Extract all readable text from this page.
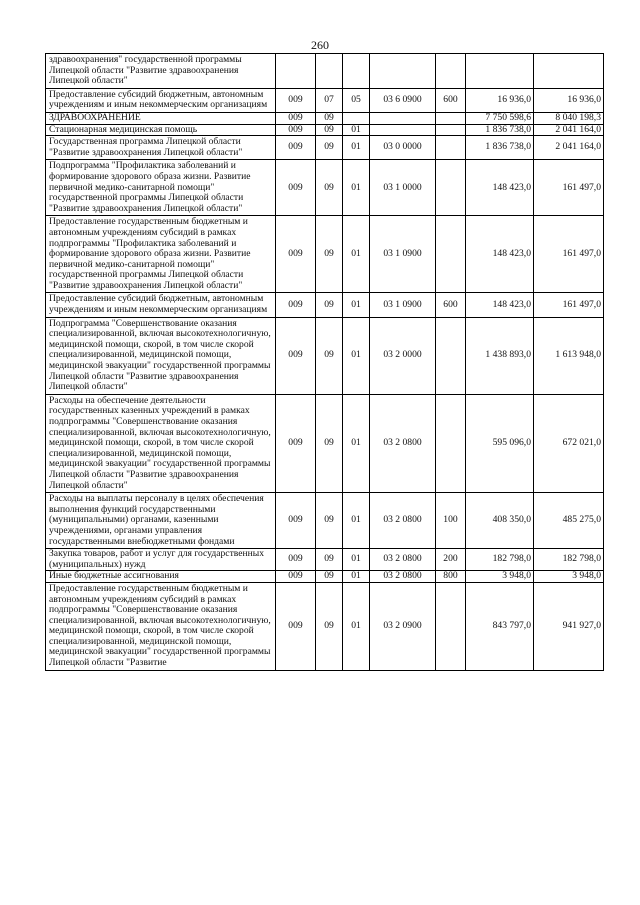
260
здравоохранения" государственной программы Липецкой области "Развитие здравоохранения Липецкой области"							
Предоставление субсидий бюджетным, автономным учреждениям и иным некоммерческим организациям	009	07	05	03 6 0900	600	16 936,0	16 936,0
ЗДРАВООХРАНЕНИЕ	009	09				7 750 598,6	8 040 198,3
Стационарная медицинская помощь	009	09	01			1 836 738,0	2 041 164,0
Государственная программа Липецкой области "Развитие здравоохранения Липецкой области"	009	09	01	03 0 0000		1 836 738,0	2 041 164,0
Подпрограмма "Профилактика заболеваний и формирование здорового образа жизни. Развитие первичной медико-санитарной помощи" государственной программы Липецкой области "Развитие здравоохранения Липецкой области"	009	09	01	03 1 0000		148 423,0	161 497,0
Предоставление государственным бюджетным и автономным учреждениям субсидий в рамках подпрограммы "Профилактика заболеваний и формирование здорового образа жизни. Развитие первичной медико-санитарной помощи" государственной программы Липецкой области "Развитие здравоохранения Липецкой области"	009	09	01	03 1 0900		148 423,0	161 497,0
Предоставление субсидий бюджетным, автономным учреждениям и иным некоммерческим организациям	009	09	01	03 1 0900	600	148 423,0	161 497,0
Подпрограмма "Совершенствование оказания специализированной, включая высокотехнологичную, медицинской помощи, скорой, в том числе скорой специализированной, медицинской помощи, медицинской эвакуации" государственной программы Липецкой области "Развитие здравоохранения Липецкой области"	009	09	01	03 2 0000		1 438 893,0	1 613 948,0
Расходы на обеспечение деятельности государственных казенных учреждений в рамках подпрограммы "Совершенствование оказания специализированной, включая высокотехнологичную, медицинской помощи, скорой, в том числе скорой специализированной, медицинской помощи, медицинской эвакуации" государственной программы Липецкой области "Развитие здравоохранения Липецкой области"	009	09	01	03 2 0800		595 096,0	672 021,0
Расходы на выплаты персоналу в целях обеспечения выполнения функций государственными (муниципальными) органами, казенными учреждениями, органами управления государственными внебюджетными фондами	009	09	01	03 2 0800	100	408 350,0	485 275,0
Закупка товаров, работ и услуг для государственных (муниципальных) нужд	009	09	01	03 2 0800	200	182 798,0	182 798,0
Иные бюджетные ассигнования	009	09	01	03 2 0800	800	3 948,0	3 948,0
Предоставление государственным бюджетным и автономным учреждениям субсидий в рамках подпрограммы "Совершенствование оказания специализированной, включая высокотехнологичную, медицинской помощи, скорой, в том числе скорой специализированной, медицинской помощи, медицинской эвакуации" государственной программы Липецкой области "Развитие	009	09	01	03 2 0900		843 797,0	941 927,0
